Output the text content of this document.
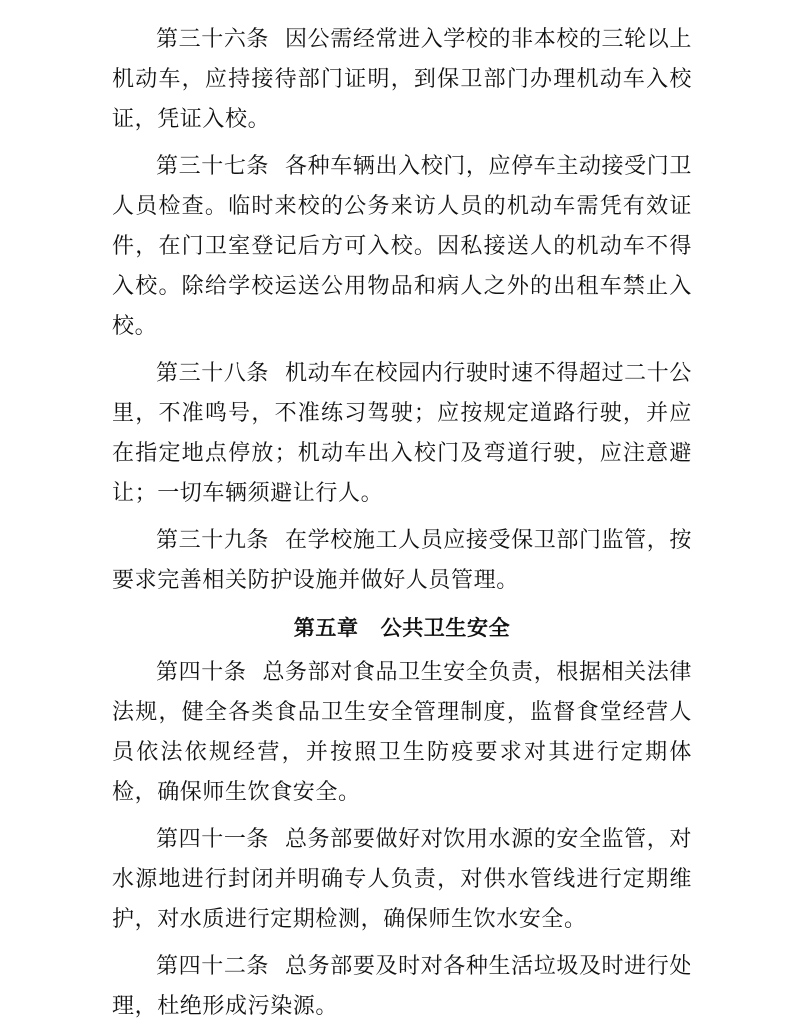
第三十六条 因公需经常进入学校的非本校的三轮以上机动车，应持接待部门证明，到保卫部门办理机动车入校证，凭证入校。

第三十七条 各种车辆出入校门，应停车主动接受门卫人员检查。临时来校的公务来访人员的机动车需凭有效证件，在门卫室登记后方可入校。因私接送人的机动车不得入校。除给学校运送公用物品和病人之外的出租车禁止入校。

第三十八条 机动车在校园内行驶时速不得超过二十公里，不准鸣号，不准练习驾驶；应按规定道路行驶，并应在指定地点停放；机动车出入校门及弯道行驶，应注意避让；一切车辆须避让行人。

第三十九条 在学校施工人员应接受保卫部门监管，按要求完善相关防护设施并做好人员管理。

第五章 公共卫生安全

第四十条 总务部对食品卫生安全负责，根据相关法律法规，健全各类食品卫生安全管理制度，监督食堂经营人员依法依规经营，并按照卫生防疫要求对其进行定期体检，确保师生饮食安全。

第四十一条 总务部要做好对饮用水源的安全监管，对水源地进行封闭并明确专人负责，对供水管线进行定期维护，对水质进行定期检测，确保师生饮水安全。

第四十二条 总务部要及时对各种生活垃圾及时进行处理，杜绝形成污染源。
